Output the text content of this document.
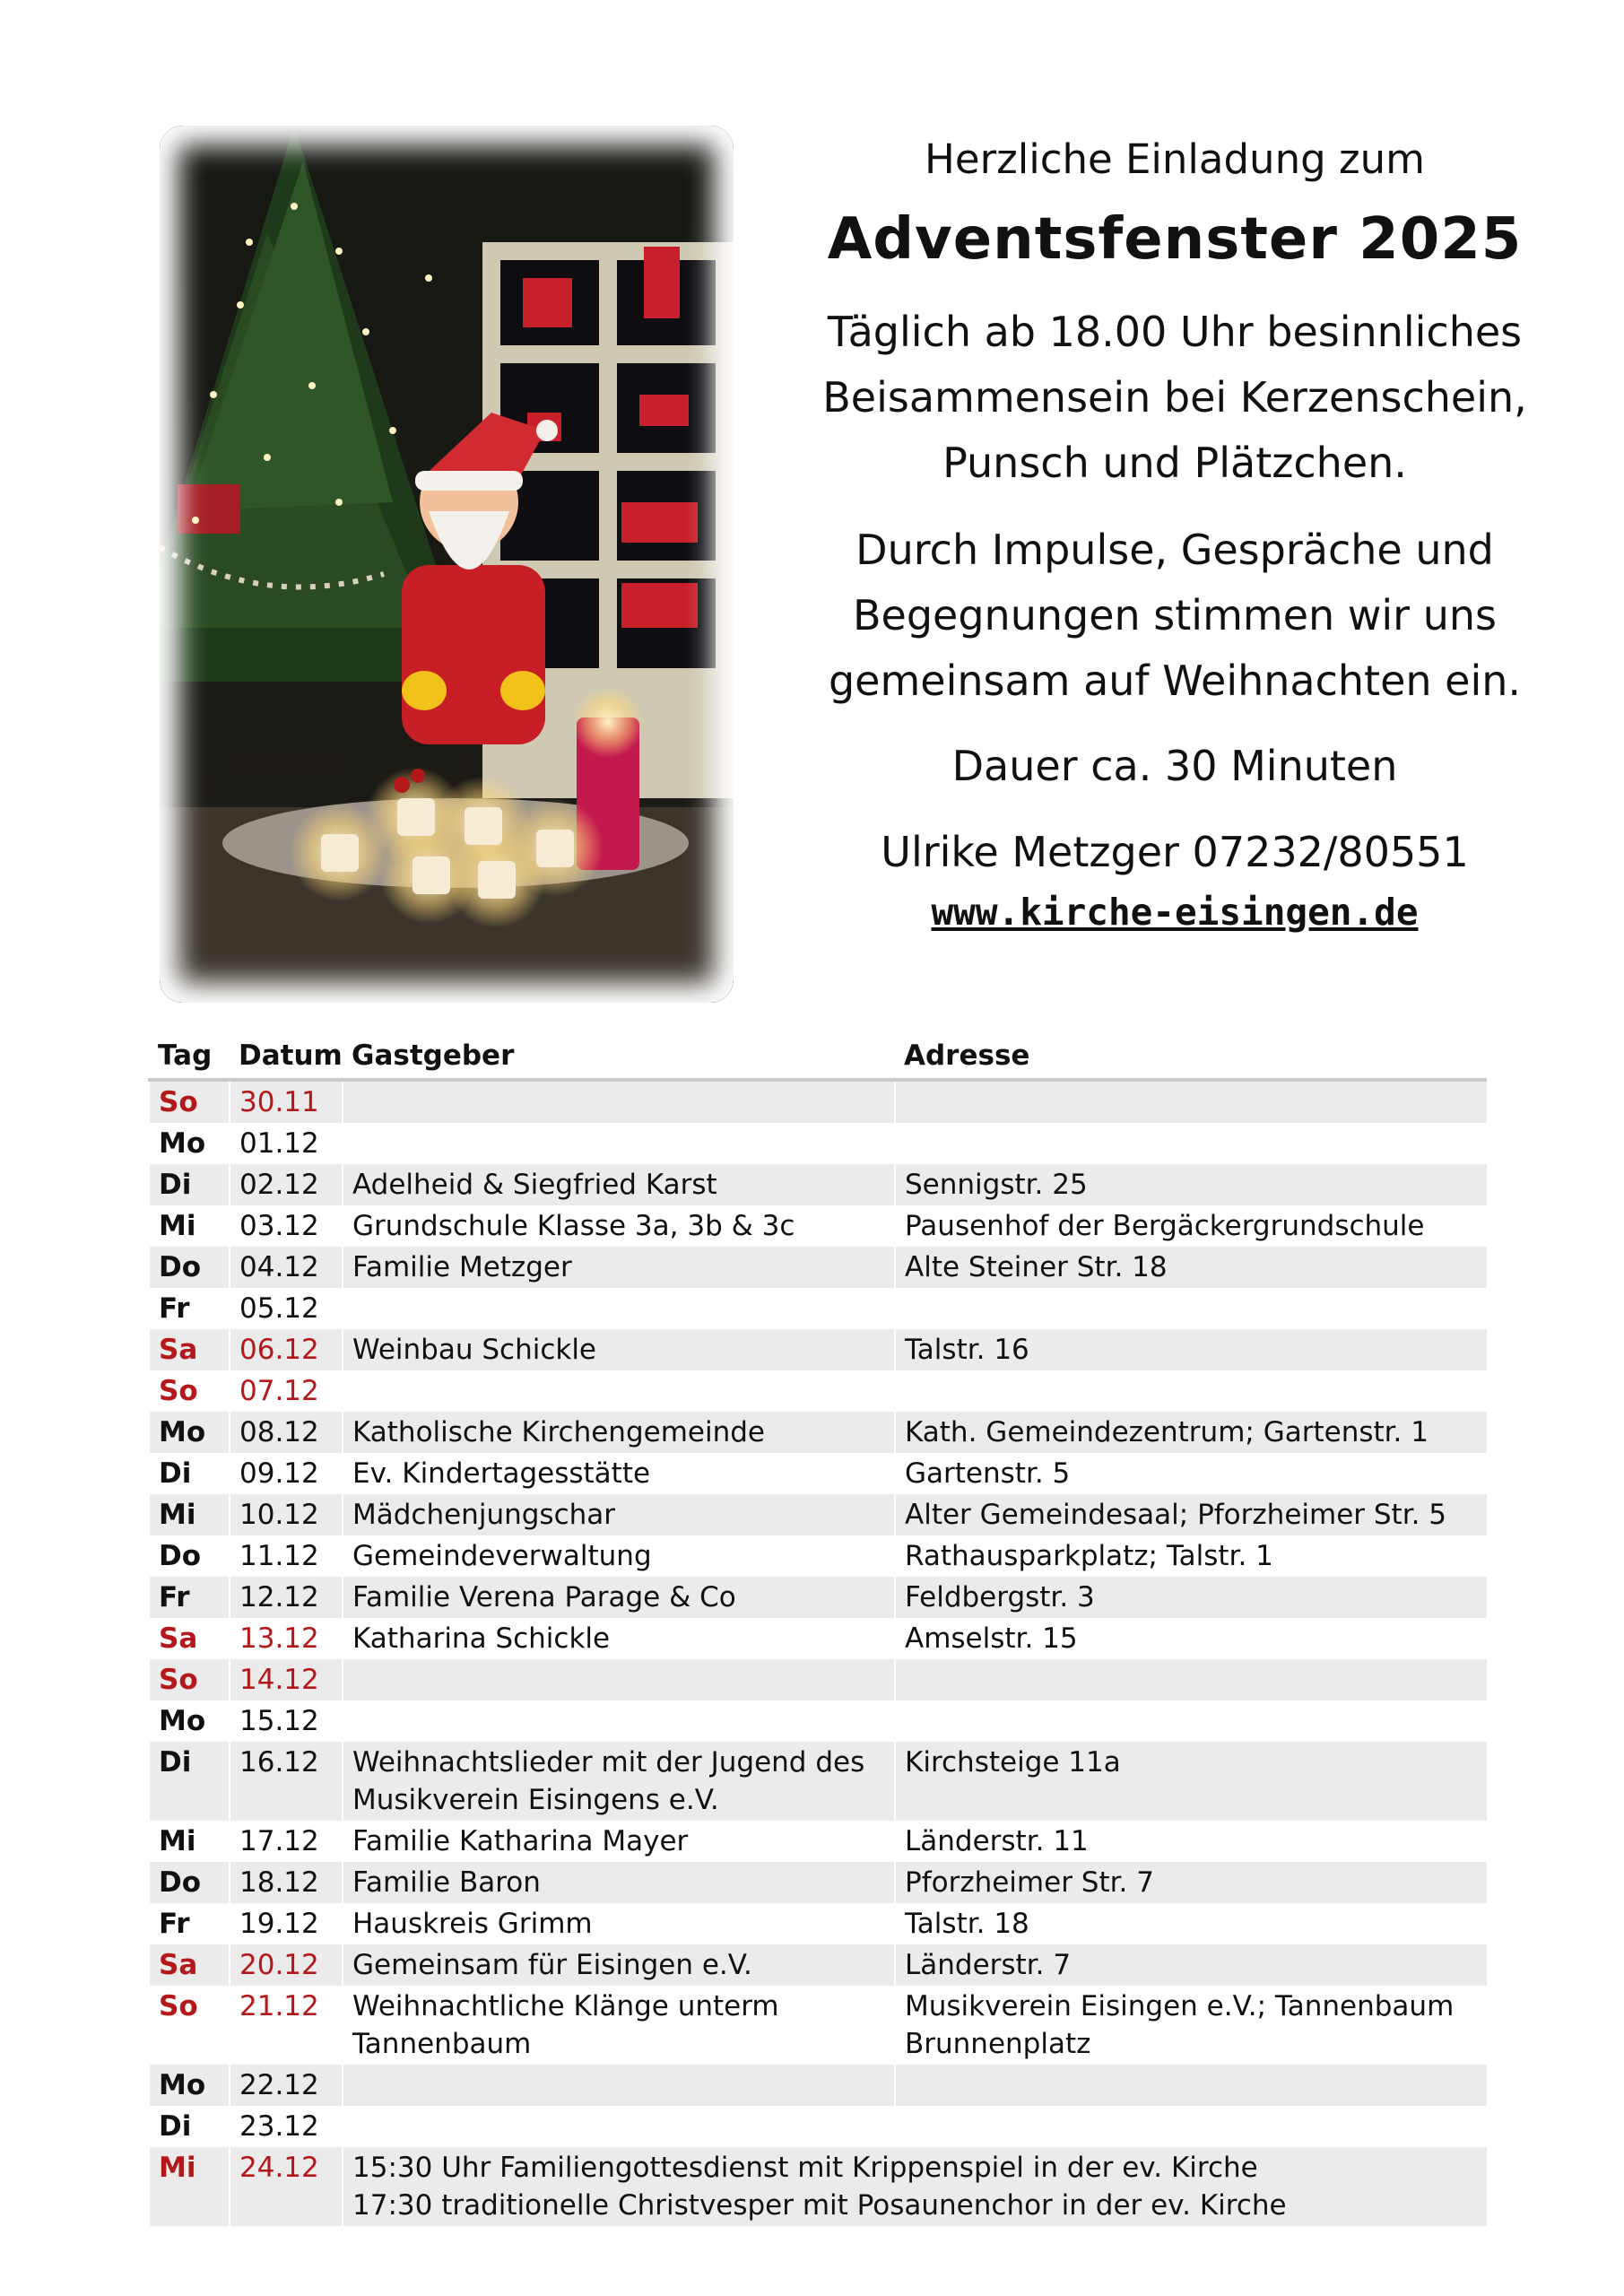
Herzliche Einladung zum
Adventsfenster 2025
Täglich ab 18.00 Uhr besinnliches
Beisammensein bei Kerzenschein,
Punsch und Plätzchen.
Durch Impulse, Gespräche und
Begegnungen stimmen wir uns
gemeinsam auf Weihnachten ein.
Dauer ca. 30 Minuten
Ulrike Metzger 07232/80551
www.kirche-eisingen.de
Tag	Datum	Gastgeber	Adresse
So	30.11		
Mo	01.12		
Di	02.12	Adelheid & Siegfried Karst	Sennigstr. 25
Mi	03.12	Grundschule Klasse 3a, 3b & 3c	Pausenhof der Bergäckergrundschule
Do	04.12	Familie Metzger	Alte Steiner Str. 18
Fr	05.12		
Sa	06.12	Weinbau Schickle	Talstr. 16
So	07.12		
Mo	08.12	Katholische Kirchengemeinde	Kath. Gemeindezentrum; Gartenstr. 1
Di	09.12	Ev. Kindertagesstätte	Gartenstr. 5
Mi	10.12	Mädchenjungschar	Alter Gemeindesaal; Pforzheimer Str. 5
Do	11.12	Gemeindeverwaltung	Rathausparkplatz; Talstr. 1
Fr	12.12	Familie Verena Parage & Co	Feldbergstr. 3
Sa	13.12	Katharina Schickle	Amselstr. 15
So	14.12		
Mo	15.12		
Di	16.12	Weihnachtslieder mit der Jugend des Musikverein Eisingens e.V.	Kirchsteige 11a
Mi	17.12	Familie Katharina Mayer	Länderstr. 11
Do	18.12	Familie Baron	Pforzheimer Str. 7
Fr	19.12	Hauskreis Grimm	Talstr. 18
Sa	20.12	Gemeinsam für Eisingen e.V.	Länderstr. 7
So	21.12	Weihnachtliche Klänge unterm Tannenbaum	Musikverein Eisingen e.V.; Tannenbaum Brunnenplatz
Mo	22.12		
Di	23.12		
Mi	24.12	15:30 Uhr Familiengottesdienst mit Krippenspiel in der ev. Kirche
17:30 traditionelle Christvesper mit Posaunenchor in der ev. Kirche	
